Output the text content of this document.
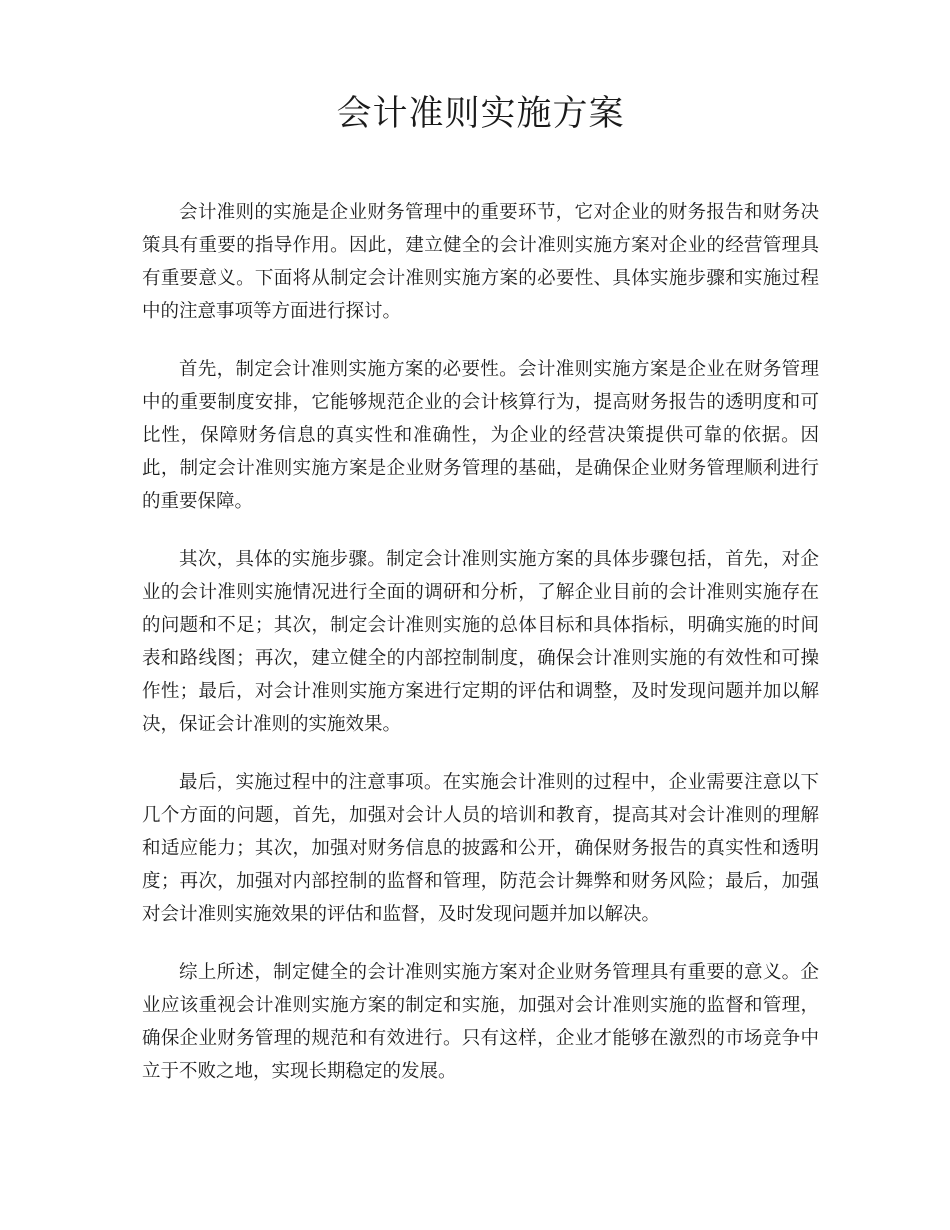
会计准则实施方案

会计准则的实施是企业财务管理中的重要环节，它对企业的财务报告和财务决策具有重要的指导作用。因此，建立健全的会计准则实施方案对企业的经营管理具有重要意义。下面将从制定会计准则实施方案的必要性、具体实施步骤和实施过程中的注意事项等方面进行探讨。

首先，制定会计准则实施方案的必要性。会计准则实施方案是企业在财务管理中的重要制度安排，它能够规范企业的会计核算行为，提高财务报告的透明度和可比性，保障财务信息的真实性和准确性，为企业的经营决策提供可靠的依据。因此，制定会计准则实施方案是企业财务管理的基础，是确保企业财务管理顺利进行的重要保障。

其次，具体的实施步骤。制定会计准则实施方案的具体步骤包括，首先，对企业的会计准则实施情况进行全面的调研和分析，了解企业目前的会计准则实施存在的问题和不足；其次，制定会计准则实施的总体目标和具体指标，明确实施的时间表和路线图；再次，建立健全的内部控制制度，确保会计准则实施的有效性和可操作性；最后，对会计准则实施方案进行定期的评估和调整，及时发现问题并加以解决，保证会计准则的实施效果。

最后，实施过程中的注意事项。在实施会计准则的过程中，企业需要注意以下几个方面的问题，首先，加强对会计人员的培训和教育，提高其对会计准则的理解和适应能力；其次，加强对财务信息的披露和公开，确保财务报告的真实性和透明度；再次，加强对内部控制的监督和管理，防范会计舞弊和财务风险；最后，加强对会计准则实施效果的评估和监督，及时发现问题并加以解决。

综上所述，制定健全的会计准则实施方案对企业财务管理具有重要的意义。企业应该重视会计准则实施方案的制定和实施，加强对会计准则实施的监督和管理，确保企业财务管理的规范和有效进行。只有这样，企业才能够在激烈的市场竞争中立于不败之地，实现长期稳定的发展。
